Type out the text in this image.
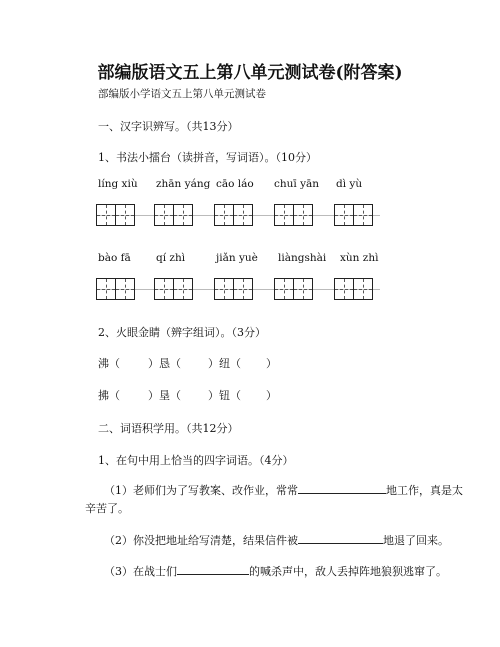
部编版语文五上第八单元测试卷(附答案)
部编版小学语文五上第八单元测试卷
一、汉字识辨写。（共13分）
1、书法小擂台（读拼音，写词语）。（10分）
líng xiù zhān yáng cāo láo chuī yān dì yù
bào fā qí zhì	jiǎn yuè liàngshài xùn zhì
2、火眼金睛（辨字组词）。（3分）
沸（	）恳（ ）纽（ ）
拂（	）垦（ ）钮（ ）
二、词语积学用。（共12分）
1、在句中用上恰当的四字词语。（4分）
（1）老师们为了写教案、改作业，常常	地工作，真是太
辛苦了。
（2）你没把地址给写清楚，结果信件被	地退了回来。
（3）在战士们	的喊杀声中，敌人丢掉阵地狼狈逃窜了。
